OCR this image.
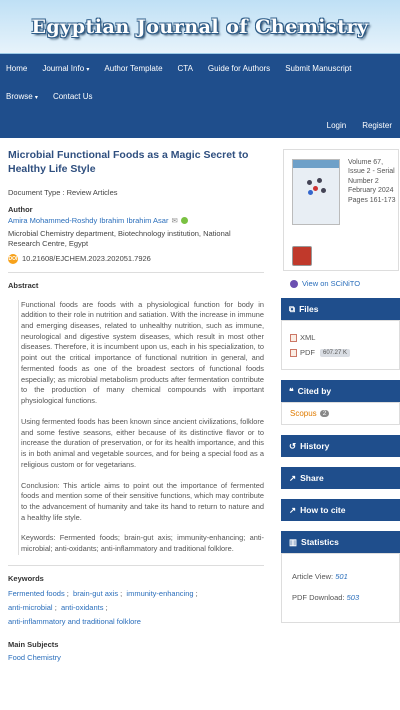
Egyptian Journal of Chemistry
Home Journal Info ▾ Author Template CTA Guide for Authors Submit Manuscript
Browse ▾ Contact Us
Login Register
Microbial Functional Foods as a Magic Secret to Healthy Life Style
Document Type : Review Articles
Author
Amira Mohammed-Roshdy Ibrahim Ibrahim Asar ✉
Microbial Chemistry department, Biotechnology institution, National Research Centre, Egypt
DOI 10.21608/EJCHEM.2023.202051.7926
Abstract

Functional foods are foods with a physiological function for body in addition to their role in nutrition and satiation. With the increase in immune and emerging diseases, related to unhealthy nutrition, such as immune, neurological and digestive system diseases, which result in most other diseases. Therefore, it is incumbent upon us, each in his specialization, to point out the critical importance of functional nutrition in general, and fermented foods as one of the broadest sectors of functional foods especially; as microbial metabolism products after fermentation contribute to the production of many chemical compounds with important physiological functions.

Using fermented foods has been known since ancient civilizations, folklore and some festive seasons, either because of its distinctive flavor or to increase the duration of preservation, or for its health importance, and this is in both animal and vegetable sources, and for being a special food as a religious custom or for vegetarians.

Conclusion: This article aims to point out the importance of fermented foods and mention some of their sensitive functions, which may contribute to the advancement of humanity and take its hand to return to nature and a healthy life style.

Keywords: Fermented foods; brain-gut axis; immunity-enhancing; anti-microbial; anti-oxidants; anti-inflammatory and traditional folklore.

Keywords
Fermented foods ; brain-gut axis ; immunity-enhancing ;
anti-microbial ; anti-oxidants ;
anti-inflammatory and traditional folklore
Main Subjects
Food Chemistry
Volume 67, Issue 2 - Serial Number 2 February 2024 Pages 161-173
View on SCiNiTO
⧉ Files
XML
PDF	607.27 K
❝ Cited by
Scopus 2
↺ History
↗ Share
↗ How to cite
▥ Statistics
Article View: 501
PDF Download: 503
